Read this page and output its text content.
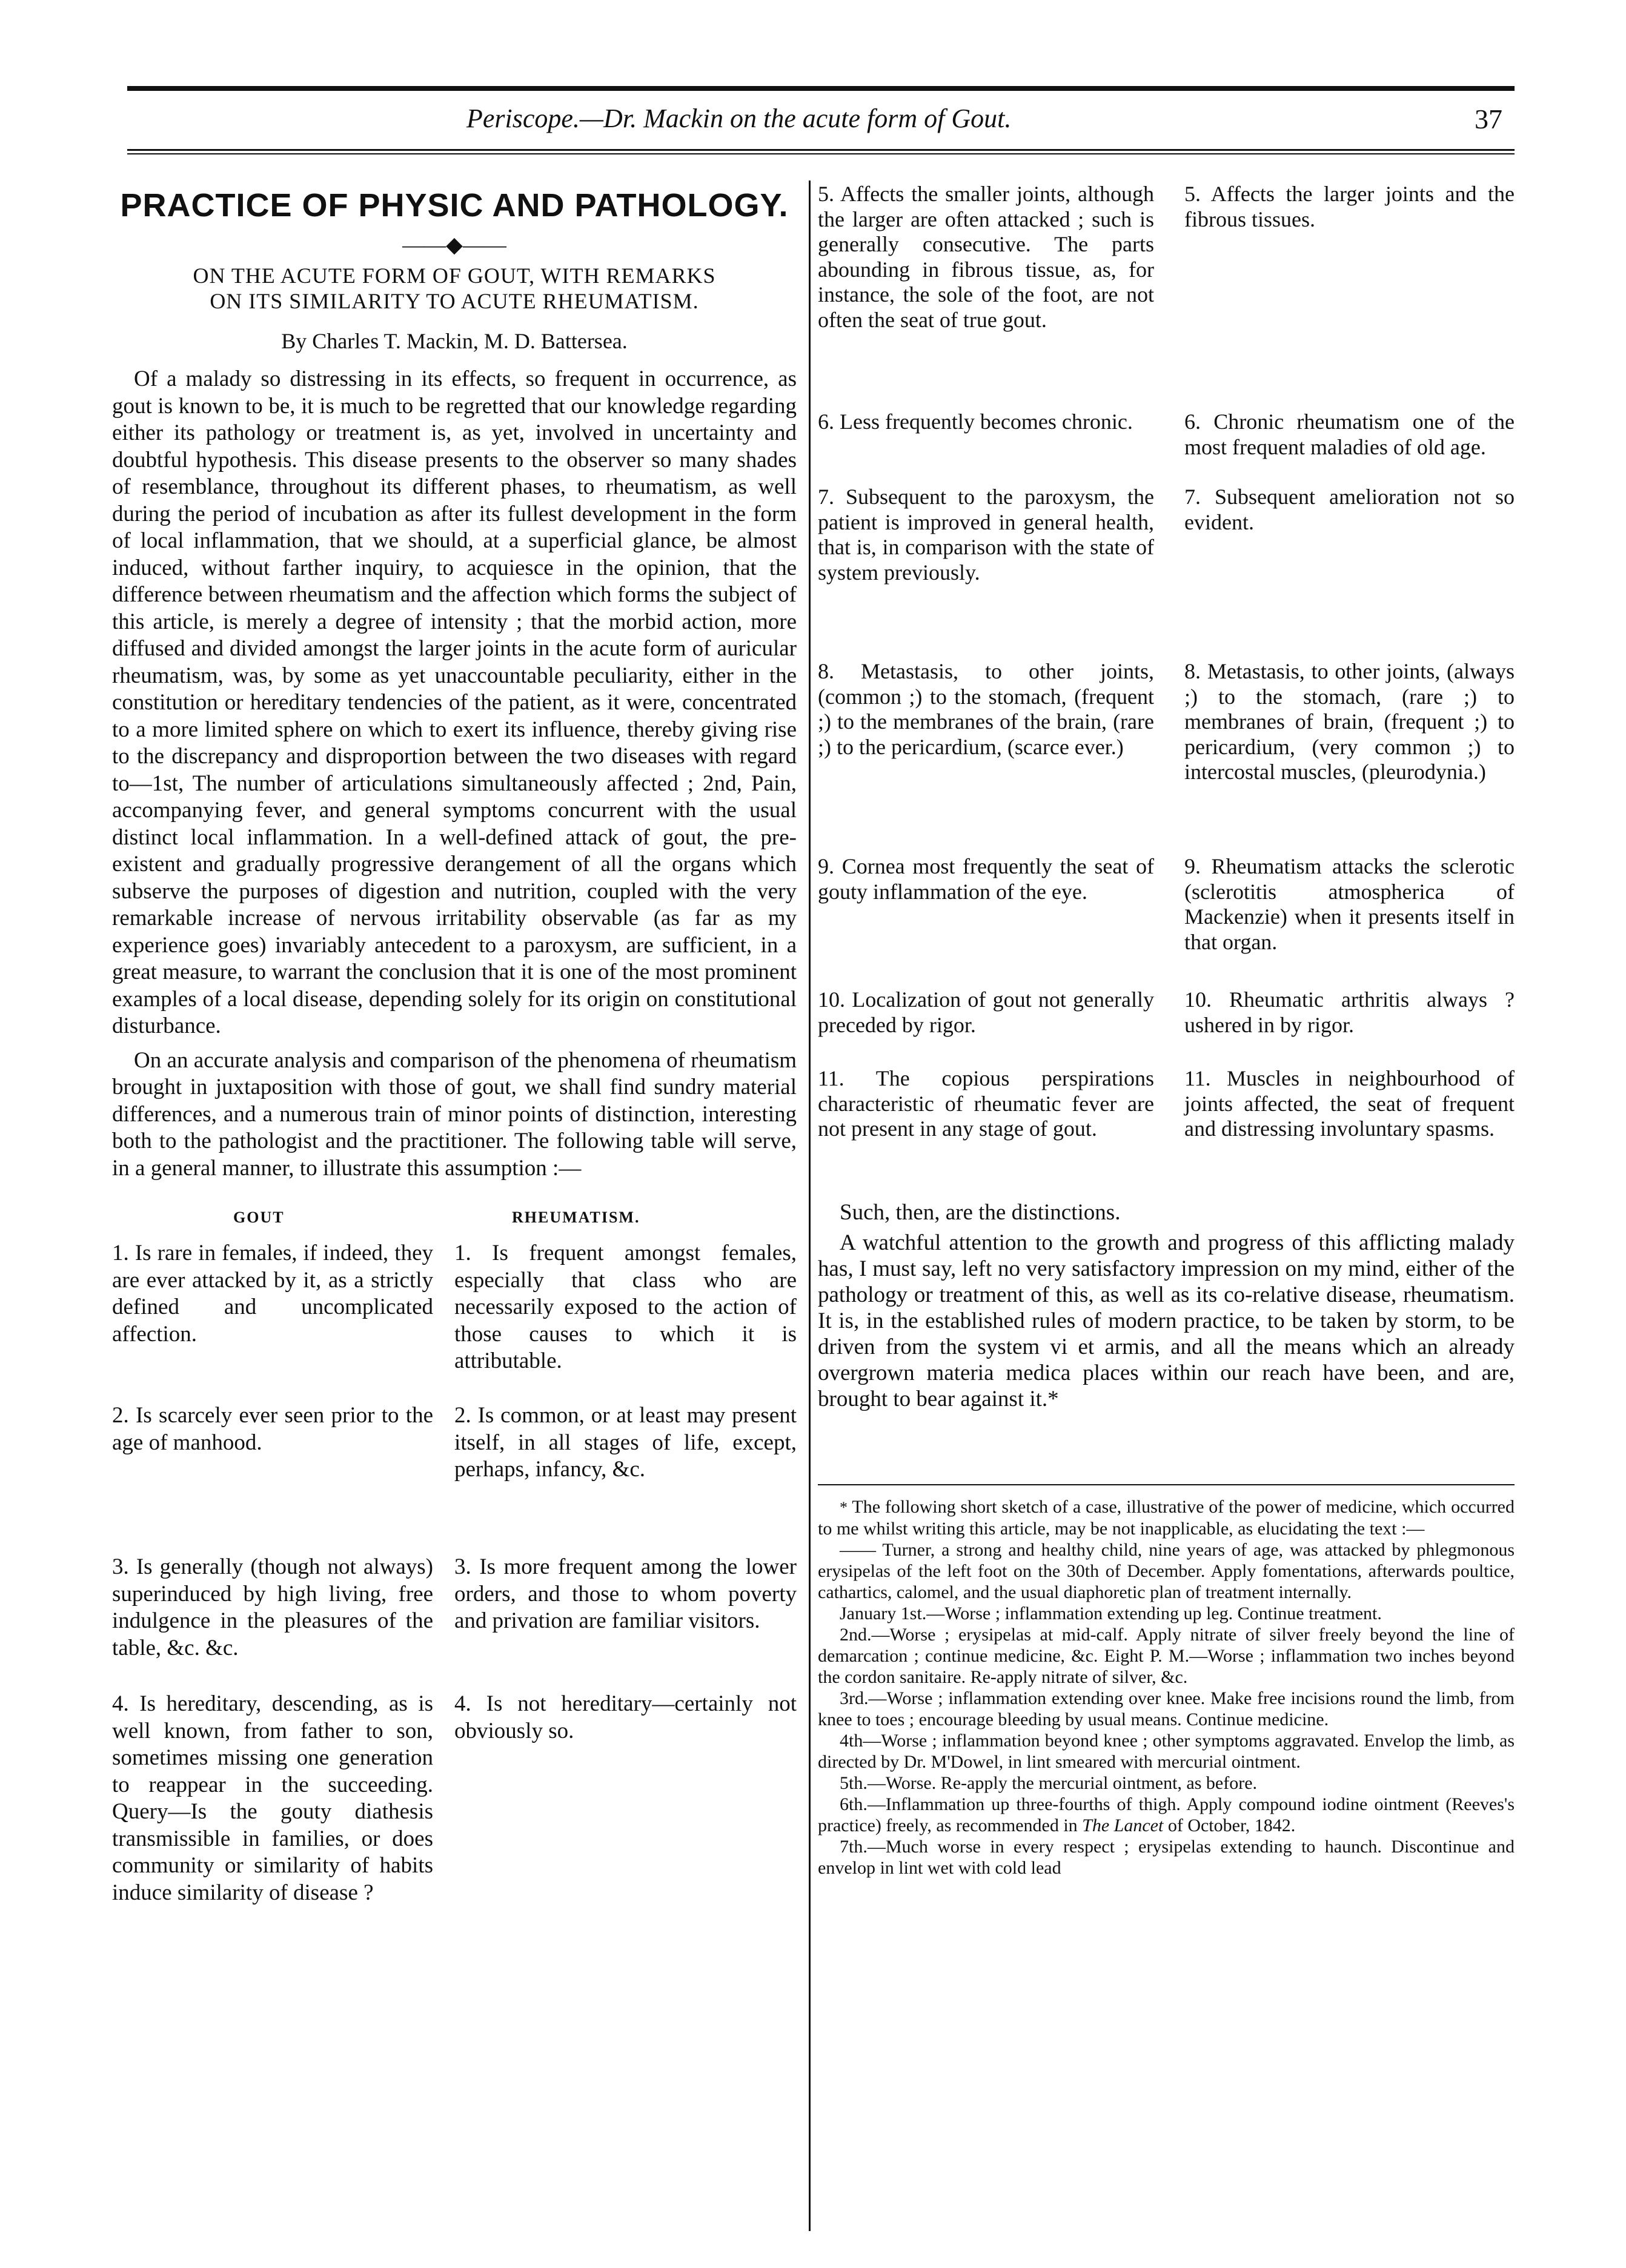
Periscope.—Dr. Mackin on the acute form of Gout.	37
PRACTICE OF PHYSIC AND PATHOLOGY.
——◆——
ON THE ACUTE FORM OF GOUT, WITH REMARKS
ON ITS SIMILARITY TO ACUTE RHEUMATISM.
By Charles T. Mackin, M. D. Battersea.

Of a malady so distressing in its effects, so frequent in occurrence, as gout is known to be, it is much to be regretted that our knowledge regarding either its pathology or treatment is, as yet, involved in uncertainty and doubtful hypothesis. This disease presents to the observer so many shades of resemblance, throughout its different phases, to rheumatism, as well during the period of incubation as after its fullest development in the form of local inflammation, that we should, at a superficial glance, be almost induced, without farther inquiry, to acquiesce in the opinion, that the difference between rheumatism and the affection which forms the subject of this article, is merely a degree of intensity ; that the morbid action, more diffused and divided amongst the larger joints in the acute form of auricular rheumatism, was, by some as yet unaccountable peculiarity, either in the constitution or hereditary tendencies of the patient, as it were, concentrated to a more limited sphere on which to exert its influence, thereby giving rise to the discrepancy and disproportion between the two diseases with regard to—1st, The number of articulations simultaneously affected ; 2nd, Pain, accompanying fever, and general symptoms concurrent with the usual distinct local inflammation. In a well-defined attack of gout, the pre-existent and gradually progressive derangement of all the organs which subserve the purposes of digestion and nutrition, coupled with the very remarkable increase of nervous irritability observable (as far as my experience goes) invariably antecedent to a paroxysm, are sufficient, in a great measure, to warrant the conclusion that it is one of the most prominent examples of a local disease, depending solely for its origin on constitutional disturbance.

On an accurate analysis and comparison of the phenomena of rheumatism brought in juxtaposition with those of gout, we shall find sundry material differences, and a numerous train of minor points of distinction, interesting both to the pathologist and the practitioner. The following table will serve, in a general manner, to illustrate this assumption :—

GOUT	RHEUMATISM.
1. Is rare in females, if indeed, they are ever attacked by it, as a strictly defined and uncomplicated affection.
1. Is frequent amongst females, especially that class who are necessarily exposed to the action of those causes to which it is attributable.
2. Is scarcely ever seen prior to the age of manhood.
2. Is common, or at least may present itself, in all stages of life, except, perhaps, infancy, &c.
3. Is generally (though not always) superinduced by high living, free indulgence in the pleasures of the table, &c. &c.
3. Is more frequent among the lower orders, and those to whom poverty and privation are familiar visitors.
4. Is hereditary, descending, as is well known, from father to son, sometimes missing one generation to reappear in the succeeding. Query—Is the gouty diathesis transmissible in families, or does community or similarity of habits induce similarity of disease ?
4. Is not hereditary—certainly not obviously so.
5. Affects the smaller joints, although the larger are often attacked ; such is generally consecutive. The parts abounding in fibrous tissue, as, for instance, the sole of the foot, are not often the seat of true gout.
5. Affects the larger joints and the fibrous tissues.
6. Less frequently becomes chronic.	6. Chronic rheumatism one of the most frequent maladies of old age.
7. Subsequent to the paroxysm, the patient is improved in general health, that is, in comparison with the state of system previously.
7. Subsequent amelioration not so evident.
8. Metastasis, to other joints, (common ;) to the stomach, (frequent ;) to the membranes of the brain, (rare ;) to the pericardium, (scarce ever.)
8. Metastasis, to other joints, (always ;) to the stomach, (rare ;) to membranes of brain, (frequent ;) to pericardium, (very common ;) to intercostal muscles, (pleurodynia.)
9. Cornea most frequently the seat of gouty inflammation of the eye.
9. Rheumatism attacks the sclerotic (sclerotitis atmospherica of Mackenzie) when it presents itself in that organ.
10. Localization of gout not generally preceded by rigor.
10. Rheumatic arthritis always ? ushered in by rigor.
11. The copious perspirations characteristic of rheumatic fever are not present in any stage of gout.
11. Muscles in neighbourhood of joints affected, the seat of frequent and distressing involuntary spasms.
Such, then, are the distinctions.
A watchful attention to the growth and progress of this afflicting malady has, I must say, left no very satisfactory impression on my mind, either of the pathology or treatment of this, as well as its co-relative disease, rheumatism. It is, in the established rules of modern practice, to be taken by storm, to be driven from the system vi et armis, and all the means which an already overgrown materia medica places within our reach have been, and are, brought to bear against it.*

* The following short sketch of a case, illustrative of the power of medicine, which occurred to me whilst writing this article, may be not inapplicable, as elucidating the text :—

—— Turner, a strong and healthy child, nine years of age, was attacked by phlegmonous erysipelas of the left foot on the 30th of December. Apply fomentations, afterwards poultice, cathartics, calomel, and the usual diaphoretic plan of treatment internally.

January 1st.—Worse ; inflammation extending up leg. Continue treatment.

2nd.—Worse ; erysipelas at mid-calf. Apply nitrate of silver freely beyond the line of demarcation ; continue medicine, &c. Eight P. M.—Worse ; inflammation two inches beyond the cordon sanitaire. Re-apply nitrate of silver, &c.

3rd.—Worse ; inflammation extending over knee. Make free incisions round the limb, from knee to toes ; encourage bleeding by usual means. Continue medicine.

4th—Worse ; inflammation beyond knee ; other symptoms aggravated. Envelop the limb, as directed by Dr. M'Dowel, in lint smeared with mercurial ointment.

5th.—Worse. Re-apply the mercurial ointment, as before.

6th.—Inflammation up three-fourths of thigh. Apply compound iodine ointment (Reeves's practice) freely, as recommended in The Lancet of October, 1842.

7th.—Much worse in every respect ; erysipelas extending to haunch. Discontinue and envelop in lint wet with cold lead
